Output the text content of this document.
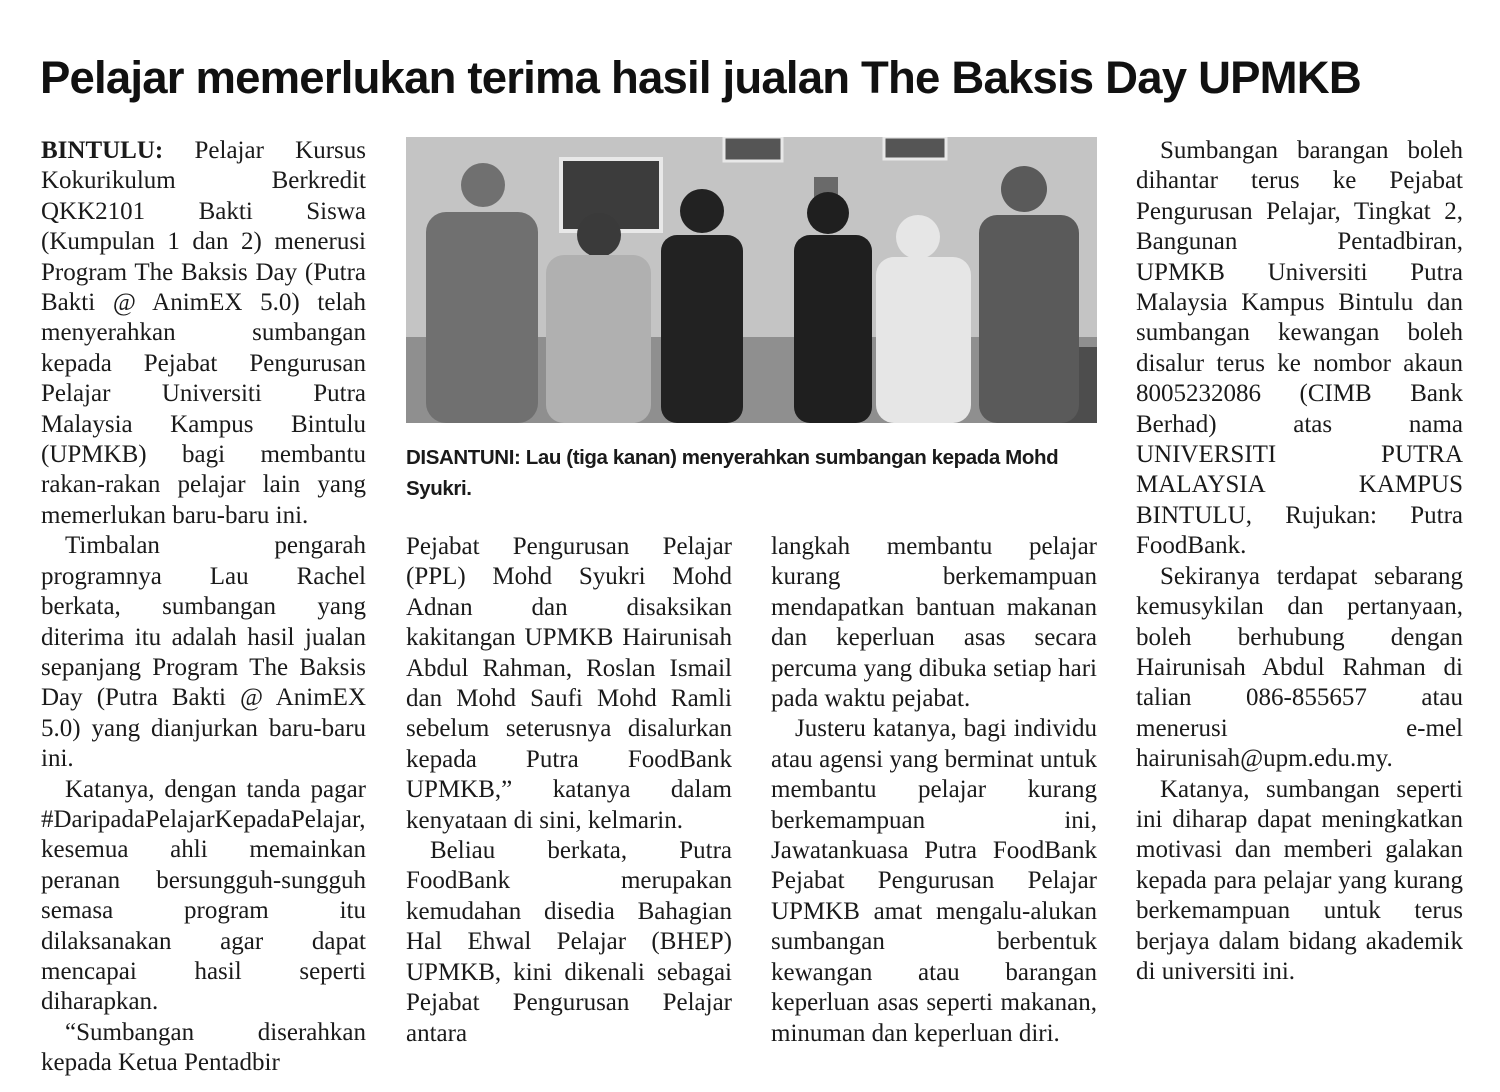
Pelajar memerlukan terima hasil jualan The Baksis Day UPMKB

BINTULU: Pelajar Kursus Kokurikulum Berkredit QKK2101 Bakti Siswa (Kumpulan 1 dan 2) menerusi Program The Baksis Day (Putra Bakti @ AnimEX 5.0) telah menyerahkan sumbangan kepada Pejabat Pengurusan Pelajar Universiti Putra Malaysia Kampus Bintulu (UPMKB) bagi membantu rakan-rakan pelajar lain yang memerlukan baru-baru ini.

Timbalan pengarah programnya Lau Rachel berkata, sumbangan yang diterima itu adalah hasil jualan sepanjang Program The Baksis Day (Putra Bakti @ AnimEX 5.0) yang dianjurkan baru-baru ini.

Katanya, dengan tanda pagar #DaripadaPelajarKepadaPelajar, kesemua ahli memainkan peranan bersungguh-sungguh semasa program itu dilaksanakan agar dapat mencapai hasil seperti diharapkan.

“Sumbangan diserahkan kepada Ketua Pentadbir

DISANTUNI: Lau (tiga kanan) menyerahkan sumbangan kepada Mohd Syukri.

Pejabat Pengurusan Pelajar (PPL) Mohd Syukri Mohd Adnan dan disaksikan kakitangan UPMKB Hairunisah Abdul Rahman, Roslan Ismail dan Mohd Saufi Mohd Ramli sebelum seterusnya disalurkan kepada Putra FoodBank UPMKB,” katanya dalam kenyataan di sini, kelmarin.

Beliau berkata, Putra FoodBank merupakan kemudahan disedia Bahagian Hal Ehwal Pelajar (BHEP) UPMKB, kini dikenali sebagai Pejabat Pengurusan Pelajar antara

langkah membantu pelajar kurang berkemampuan mendapatkan bantuan makanan dan keperluan asas secara percuma yang dibuka setiap hari pada waktu pejabat.

Justeru katanya, bagi individu atau agensi yang berminat untuk membantu pelajar kurang berkemampuan ini, Jawatankuasa Putra FoodBank Pejabat Pengurusan Pelajar UPMKB amat mengalu-alukan sumbangan berbentuk kewangan atau barangan keperluan asas seperti makanan, minuman dan keperluan diri.

Sumbangan barangan boleh dihantar terus ke Pejabat Pengurusan Pelajar, Tingkat 2, Bangunan Pentadbiran, UPMKB Universiti Putra Malaysia Kampus Bintulu dan sumbangan kewangan boleh disalur terus ke nombor akaun 8005232086 (CIMB Bank Berhad) atas nama UNIVERSITI PUTRA MALAYSIA KAMPUS BINTULU, Rujukan: Putra FoodBank.

Sekiranya terdapat sebarang kemusykilan dan pertanyaan, boleh berhubung dengan Hairunisah Abdul Rahman di talian 086-855657 atau menerusi e-mel hairunisah@upm.edu.my.

Katanya, sumbangan seperti ini diharap dapat meningkatkan motivasi dan memberi galakan kepada para pelajar yang kurang berkemampuan untuk terus berjaya dalam bidang akademik di universiti ini.
